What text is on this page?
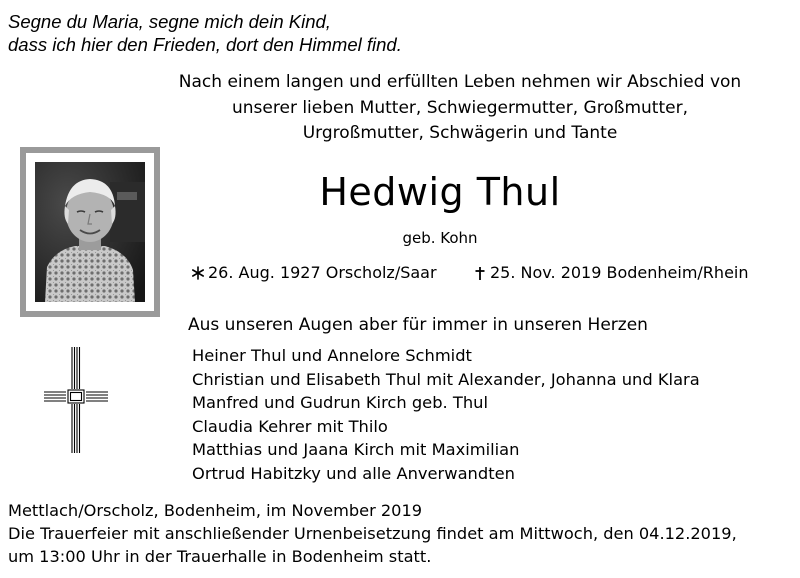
Segne du Maria, segne mich dein Kind,
dass ich hier den Frieden, dort den Himmel find.
Nach einem langen und erfüllten Leben nehmen wir Abschied von
unserer lieben Mutter, Schwiegermutter, Großmutter,
Urgroßmutter, Schwägerin und Tante
Hedwig Thul
geb. Kohn
26. Aug. 1927 Orscholz/Saar	25. Nov. 2019 Bodenheim/Rhein
Aus unseren Augen aber für immer in unseren Herzen
Heiner Thul und Annelore Schmidt
Christian und Elisabeth Thul mit Alexander, Johanna und Klara
Manfred und Gudrun Kirch geb. Thul
Claudia Kehrer mit Thilo
Matthias und Jaana Kirch mit Maximilian
Ortrud Habitzky und alle Anverwandten
Mettlach/Orscholz, Bodenheim, im November 2019
Die Trauerfeier mit anschließender Urnenbeisetzung findet am Mittwoch, den 04.12.2019,
um 13:00 Uhr in der Trauerhalle in Bodenheim statt.
